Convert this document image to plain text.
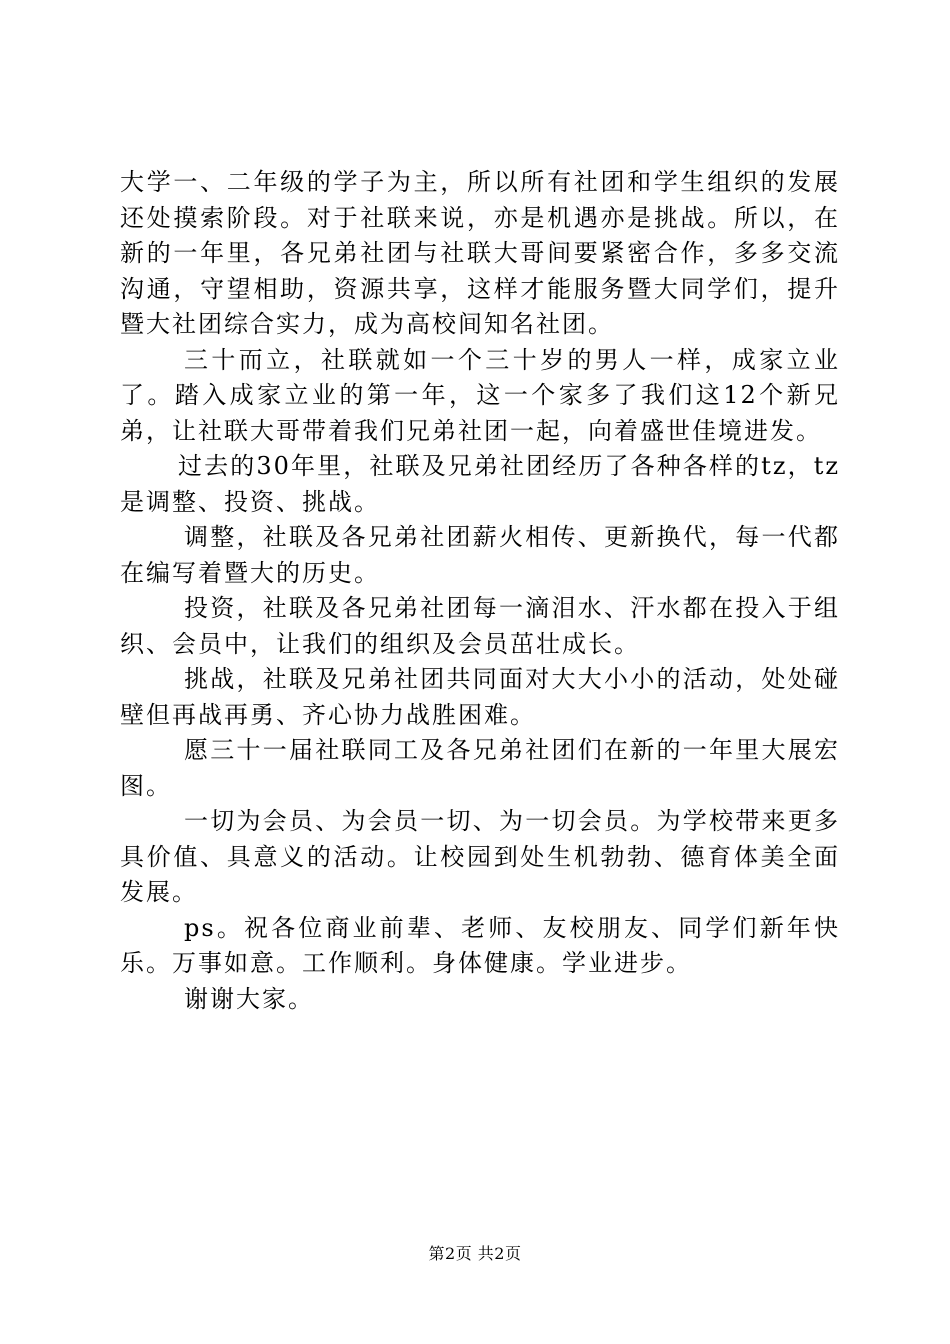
大学一、二年级的学子为主，所以所有社团和学生组织的发展还处摸索阶段。对于社联来说，亦是机遇亦是挑战。所以，在新的一年里，各兄弟社团与社联大哥间要紧密合作，多多交流沟通，守望相助，资源共享，这样才能服务暨大同学们，提升暨大社团综合实力，成为高校间知名社团。

三十而立，社联就如一个三十岁的男人一样，成家立业了。踏入成家立业的第一年，这一个家多了我们这12个新兄弟，让社联大哥带着我们兄弟社团一起，向着盛世佳境进发。

过去的30年里，社联及兄弟社团经历了各种各样的tz，tz是调整、投资、挑战。

调整，社联及各兄弟社团薪火相传、更新换代，每一代都在编写着暨大的历史。

投资，社联及各兄弟社团每一滴泪水、汗水都在投入于组织、会员中，让我们的组织及会员茁壮成长。

挑战，社联及兄弟社团共同面对大大小小的活动，处处碰壁但再战再勇、齐心协力战胜困难。

愿三十一届社联同工及各兄弟社团们在新的一年里大展宏图。

一切为会员、为会员一切、为一切会员。为学校带来更多具价值、具意义的活动。让校园到处生机勃勃、德育体美全面发展。

ps。祝各位商业前辈、老师、友校朋友、同学们新年快乐。万事如意。工作顺利。身体健康。学业进步。

谢谢大家。

第2页 共2页
